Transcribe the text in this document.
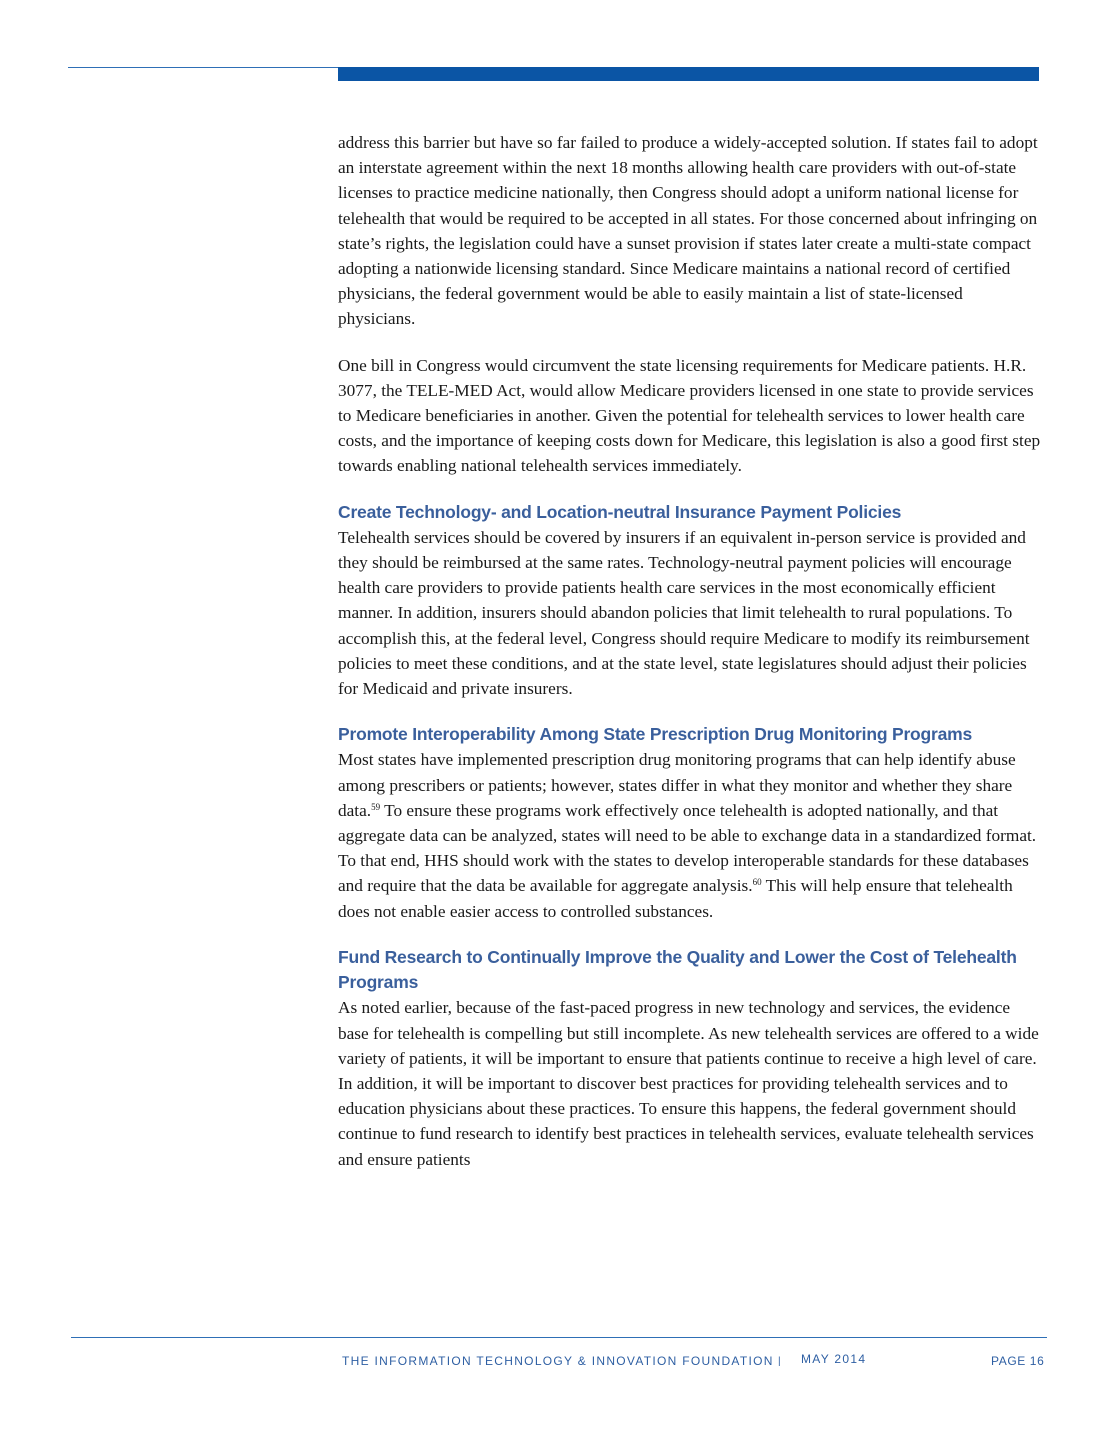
address this barrier but have so far failed to produce a widely-accepted solution. If states fail to adopt an interstate agreement within the next 18 months allowing health care providers with out-of-state licenses to practice medicine nationally, then Congress should adopt a uniform national license for telehealth that would be required to be accepted in all states. For those concerned about infringing on state’s rights, the legislation could have a sunset provision if states later create a multi-state compact adopting a nationwide licensing standard. Since Medicare maintains a national record of certified physicians, the federal government would be able to easily maintain a list of state-licensed physicians.

One bill in Congress would circumvent the state licensing requirements for Medicare patients. H.R. 3077, the TELE-MED Act, would allow Medicare providers licensed in one state to provide services to Medicare beneficiaries in another. Given the potential for telehealth services to lower health care costs, and the importance of keeping costs down for Medicare, this legislation is also a good first step towards enabling national telehealth services immediately.

Create Technology- and Location-neutral Insurance Payment Policies

Telehealth services should be covered by insurers if an equivalent in-person service is provided and they should be reimbursed at the same rates. Technology-neutral payment policies will encourage health care providers to provide patients health care services in the most economically efficient manner. In addition, insurers should abandon policies that limit telehealth to rural populations. To accomplish this, at the federal level, Congress should require Medicare to modify its reimbursement policies to meet these conditions, and at the state level, state legislatures should adjust their policies for Medicaid and private insurers.

Promote Interoperability Among State Prescription Drug Monitoring Programs

Most states have implemented prescription drug monitoring programs that can help identify abuse among prescribers or patients; however, states differ in what they monitor and whether they share data.$^{59}$ To ensure these programs work effectively once telehealth is adopted nationally, and that aggregate data can be analyzed, states will need to be able to exchange data in a standardized format. To that end, HHS should work with the states to develop interoperable standards for these databases and require that the data be available for aggregate analysis.$^{60}$ This will help ensure that telehealth does not enable easier access to controlled substances.

Fund Research to Continually Improve the Quality and Lower the Cost of Telehealth Programs

As noted earlier, because of the fast-paced progress in new technology and services, the evidence base for telehealth is compelling but still incomplete. As new telehealth services are offered to a wide variety of patients, it will be important to ensure that patients continue to receive a high level of care. In addition, it will be important to discover best practices for providing telehealth services and to education physicians about these practices. To ensure this happens, the federal government should continue to fund research to identify best practices in telehealth services, evaluate telehealth services and ensure patients

THE INFORMATION TECHNOLOGY & INNOVATION FOUNDATION | MAY 2014	PAGE 16
